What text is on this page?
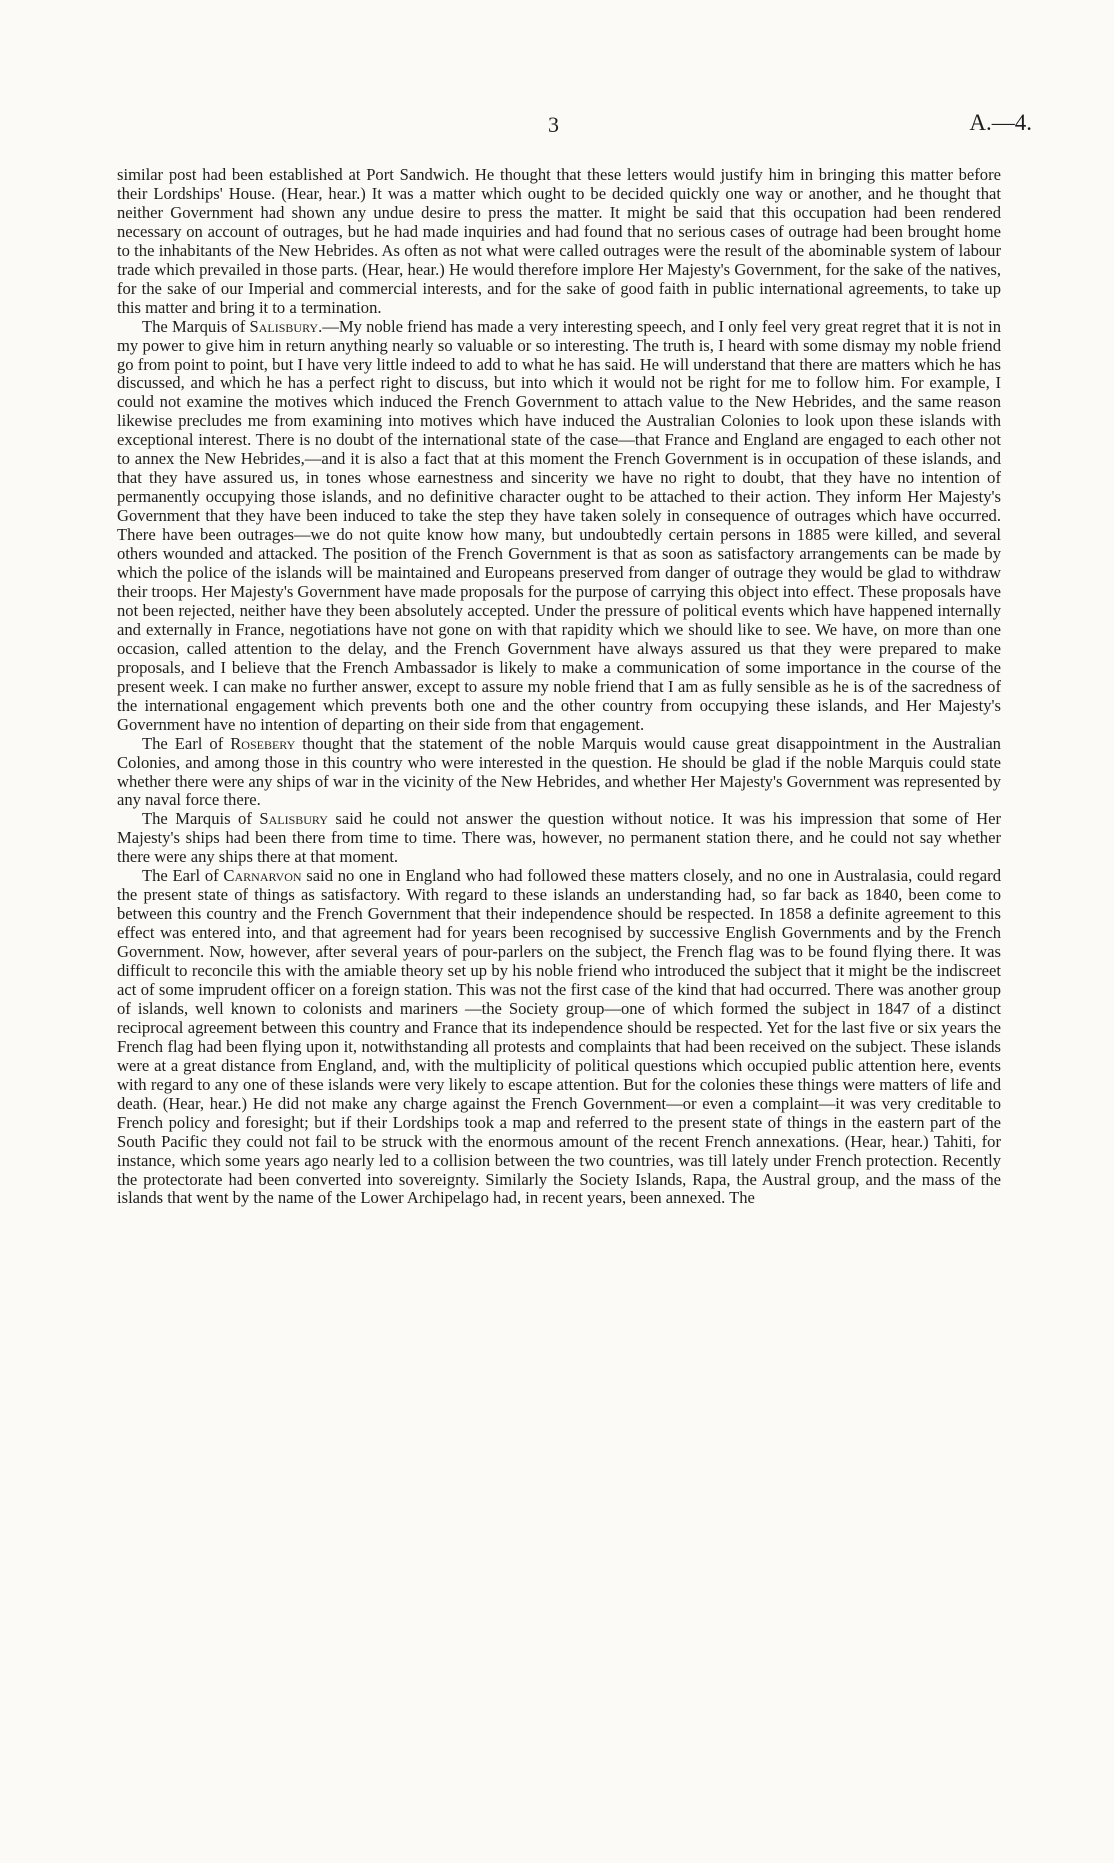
3	A.—4.

similar post had been established at Port Sandwich. He thought that these letters would justify him in bringing this matter before their Lordships' House. (Hear, hear.) It was a matter which ought to be decided quickly one way or another, and he thought that neither Government had shown any undue desire to press the matter. It might be said that this occupation had been rendered necessary on account of outrages, but he had made inquiries and had found that no serious cases of outrage had been brought home to the inhabitants of the New Hebrides. As often as not what were called outrages were the result of the abominable system of labour trade which prevailed in those parts. (Hear, hear.) He would therefore implore Her Majesty's Government, for the sake of the natives, for the sake of our Imperial and commercial interests, and for the sake of good faith in public international agreements, to take up this matter and bring it to a termination.

The Marquis of Salisbury.—My noble friend has made a very interesting speech, and I only feel very great regret that it is not in my power to give him in return anything nearly so valuable or so interesting. The truth is, I heard with some dismay my noble friend go from point to point, but I have very little indeed to add to what he has said. He will understand that there are matters which he has discussed, and which he has a perfect right to discuss, but into which it would not be right for me to follow him. For example, I could not examine the motives which induced the French Government to attach value to the New Hebrides, and the same reason likewise precludes me from examining into motives which have induced the Australian Colonies to look upon these islands with exceptional interest. There is no doubt of the international state of the case—that France and England are engaged to each other not to annex the New Hebrides,—and it is also a fact that at this moment the French Government is in occupation of these islands, and that they have assured us, in tones whose earnestness and sincerity we have no right to doubt, that they have no intention of permanently occupying those islands, and no definitive character ought to be attached to their action. They inform Her Majesty's Government that they have been induced to take the step they have taken solely in consequence of outrages which have occurred. There have been outrages—we do not quite know how many, but undoubtedly certain persons in 1885 were killed, and several others wounded and attacked. The position of the French Government is that as soon as satisfactory arrangements can be made by which the police of the islands will be maintained and Europeans preserved from danger of outrage they would be glad to withdraw their troops. Her Majesty's Government have made proposals for the purpose of carrying this object into effect. These proposals have not been rejected, neither have they been absolutely accepted. Under the pressure of political events which have happened internally and externally in France, negotiations have not gone on with that rapidity which we should like to see. We have, on more than one occasion, called attention to the delay, and the French Government have always assured us that they were prepared to make proposals, and I believe that the French Ambassador is likely to make a communication of some importance in the course of the present week. I can make no further answer, except to assure my noble friend that I am as fully sensible as he is of the sacredness of the international engagement which prevents both one and the other country from occupying these islands, and Her Majesty's Government have no intention of departing on their side from that engagement.

The Earl of Rosebery thought that the statement of the noble Marquis would cause great disappointment in the Australian Colonies, and among those in this country who were interested in the question. He should be glad if the noble Marquis could state whether there were any ships of war in the vicinity of the New Hebrides, and whether Her Majesty's Government was represented by any naval force there.

The Marquis of Salisbury said he could not answer the question without notice. It was his impression that some of Her Majesty's ships had been there from time to time. There was, however, no permanent station there, and he could not say whether there were any ships there at that moment.

The Earl of Carnarvon said no one in England who had followed these matters closely, and no one in Australasia, could regard the present state of things as satisfactory. With regard to these islands an understanding had, so far back as 1840, been come to between this country and the French Government that their independence should be respected. In 1858 a definite agreement to this effect was entered into, and that agreement had for years been recognised by successive English Governments and by the French Government. Now, however, after several years of pour-parlers on the subject, the French flag was to be found flying there. It was difficult to reconcile this with the amiable theory set up by his noble friend who introduced the subject that it might be the indiscreet act of some imprudent officer on a foreign station. This was not the first case of the kind that had occurred. There was another group of islands, well known to colonists and mariners —the Society group—one of which formed the subject in 1847 of a distinct reciprocal agreement between this country and France that its independence should be respected. Yet for the last five or six years the French flag had been flying upon it, notwithstanding all protests and complaints that had been received on the subject. These islands were at a great distance from England, and, with the multiplicity of political questions which occupied public attention here, events with regard to any one of these islands were very likely to escape attention. But for the colonies these things were matters of life and death. (Hear, hear.) He did not make any charge against the French Government—or even a complaint—it was very creditable to French policy and foresight; but if their Lordships took a map and referred to the present state of things in the eastern part of the South Pacific they could not fail to be struck with the enormous amount of the recent French annexations. (Hear, hear.) Tahiti, for instance, which some years ago nearly led to a collision between the two countries, was till lately under French protection. Recently the protectorate had been converted into sovereignty. Similarly the Society Islands, Rapa, the Austral group, and the mass of the islands that went by the name of the Lower Archipelago had, in recent years, been annexed. The
